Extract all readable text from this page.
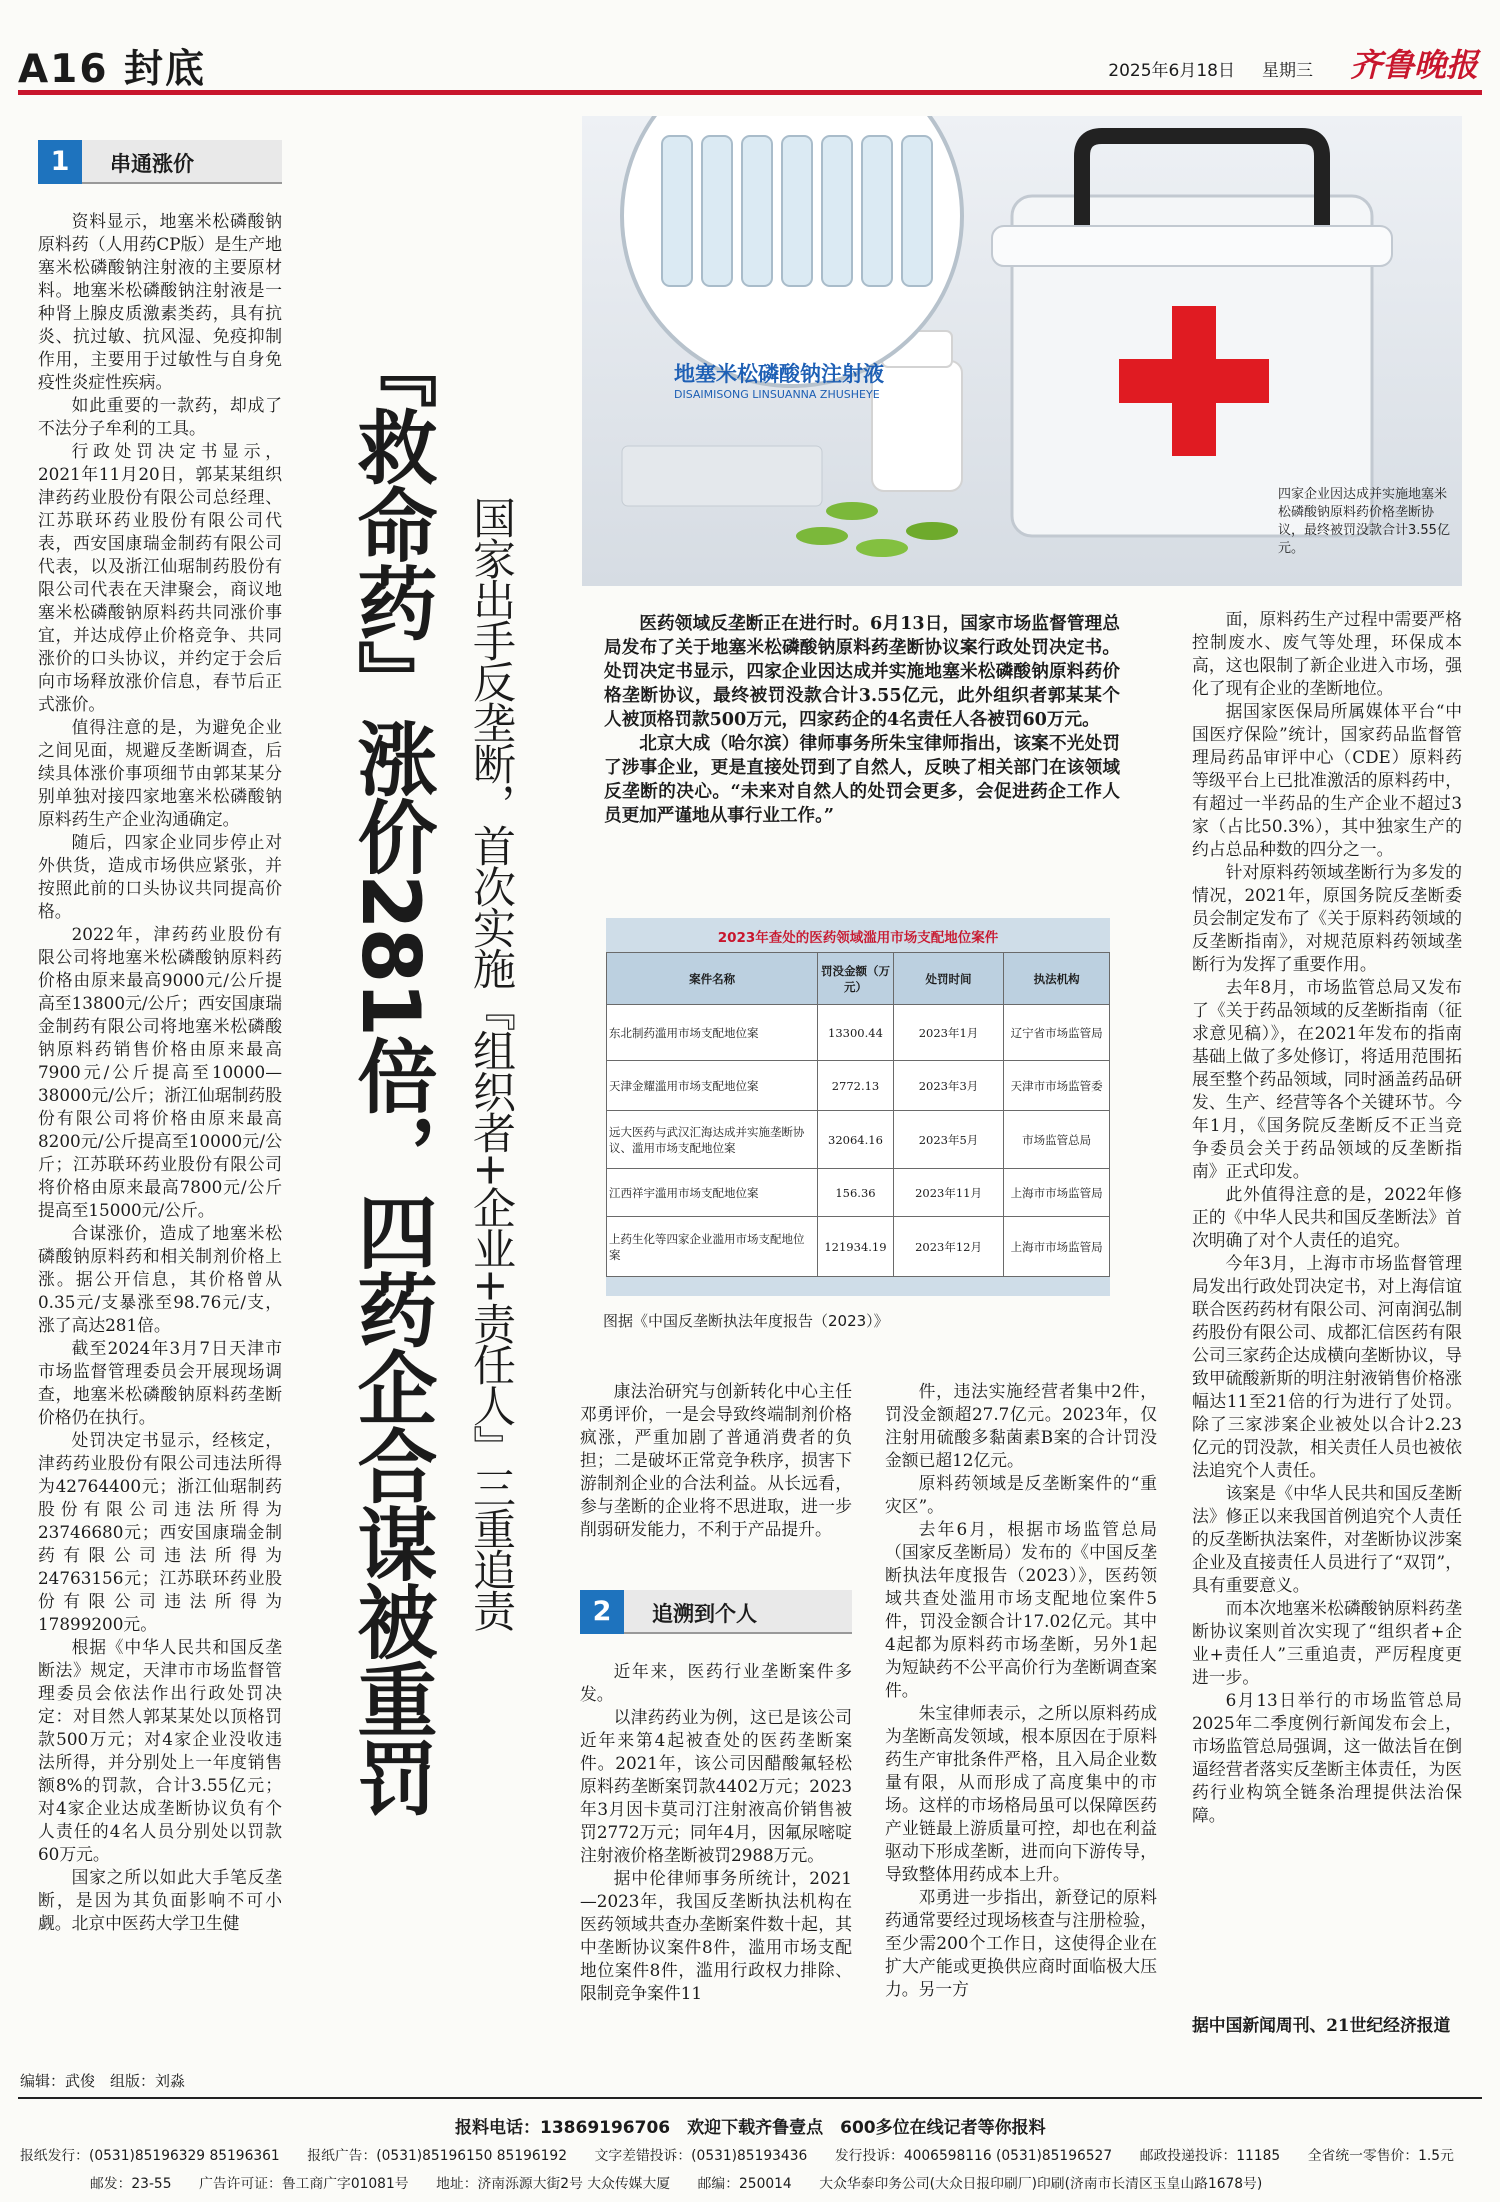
A16 封底	2025年6月18日 星期三 齐鲁晚报
1	串通涨价

资料显示，地塞米松磷酸钠原料药（人用药CP版）是生产地塞米松磷酸钠注射液的主要原材料。地塞米松磷酸钠注射液是一种肾上腺皮质激素类药，具有抗炎、抗过敏、抗风湿、免疫抑制作用，主要用于过敏性与自身免疫性炎症性疾病。

如此重要的一款药，却成了不法分子牟利的工具。

行政处罚决定书显示，2021年11月20日，郭某某组织津药药业股份有限公司总经理、江苏联环药业股份有限公司代表，西安国康瑞金制药有限公司代表，以及浙江仙琚制药股份有限公司代表在天津聚会，商议地塞米松磷酸钠原料药共同涨价事宜，并达成停止价格竞争、共同涨价的口头协议，并约定于会后向市场释放涨价信息，春节后正式涨价。

值得注意的是，为避免企业之间见面，规避反垄断调查，后续具体涨价事项细节由郭某某分别单独对接四家地塞米松磷酸钠原料药生产企业沟通确定。

随后，四家企业同步停止对外供货，造成市场供应紧张，并按照此前的口头协议共同提高价格。

2022年，津药药业股份有限公司将地塞米松磷酸钠原料药价格由原来最高9000元/公斤提高至13800元/公斤；西安国康瑞金制药有限公司将地塞米松磷酸钠原料药销售价格由原来最高7900元/公斤提高至10000—38000元/公斤；浙江仙琚制药股份有限公司将价格由原来最高8200元/公斤提高至10000元/公斤；江苏联环药业股份有限公司将价格由原来最高7800元/公斤提高至15000元/公斤。

合谋涨价，造成了地塞米松磷酸钠原料药和相关制剂价格上涨。据公开信息，其价格曾从0.35元/支暴涨至98.76元/支，涨了高达281倍。

截至2024年3月7日天津市市场监督管理委员会开展现场调查，地塞米松磷酸钠原料药垄断价格仍在执行。

处罚决定书显示，经核定，津药药业股份有限公司违法所得为42764400元；浙江仙琚制药股份有限公司违法所得为23746680元；西安国康瑞金制药有限公司违法所得为24763156元；江苏联环药业股份有限公司违法所得为17899200元。

根据《中华人民共和国反垄断法》规定，天津市市场监督管理委员会依法作出行政处罚决定：对目然人郭某某处以顶格罚款500万元；对4家企业没收违法所得，并分别处上一年度销售额8%的罚款，合计3.55亿元；对4家企业达成垄断协议负有个人责任的4名人员分别处以罚款60万元。

国家之所以如此大手笔反垄断，是因为其负面影响不可小觑。北京中医药大学卫生健

『救命药』涨价281倍，四药企合谋被重罚 国家出手反垄断，首次实施『组织者+企业+责任人』三重追责
地塞米松磷酸钠注射液
DISAIMISONG LINSUANNA ZHUSHEYE
四家企业因达成并实施地塞米松磷酸钠原料药价格垄断协议，最终被罚没款合计3.55亿元。

医药领域反垄断正在进行时。6月13日，国家市场监督管理总局发布了关于地塞米松磷酸钠原料药垄断协议案行政处罚决定书。处罚决定书显示，四家企业因达成并实施地塞米松磷酸钠原料药价格垄断协议，最终被罚没款合计3.55亿元，此外组织者郭某某个人被顶格罚款500万元，四家药企的4名责任人各被罚60万元。

北京大成（哈尔滨）律师事务所朱宝律师指出，该案不光处罚了涉事企业，更是直接处罚到了自然人，反映了相关部门在该领域反垄断的决心。“未来对自然人的处罚会更多，会促进药企工作人员更加严谨地从事行业工作。”

2023年查处的医药领域滥用市场支配地位案件
案件名称	罚没金额（万元）	处罚时间	执法机构
东北制药滥用市场支配地位案	13300.44	2023年1月	辽宁省市场监管局
天津金耀滥用市场支配地位案	2772.13	2023年3月	天津市市场监管委
远大医药与武汉汇海达成并实施垄断协议、滥用市场支配地位案	32064.16	2023年5月	市场监管总局
江西祥宇滥用市场支配地位案	156.36	2023年11月	上海市市场监管局
上药生化等四家企业滥用市场支配地位案	121934.19	2023年12月	上海市市场监管局
图据《中国反垄断执法年度报告（2023）》

康法治研究与创新转化中心主任邓勇评价，一是会导致终端制剂价格疯涨，严重加剧了普通消费者的负担；二是破坏正常竞争秩序，损害下游制剂企业的合法利益。从长远看，参与垄断的企业将不思进取，进一步削弱研发能力，不利于产品提升。

2	追溯到个人

近年来，医药行业垄断案件多发。

以津药药业为例，这已是该公司近年来第4起被查处的医药垄断案件。2021年，该公司因醋酸氟轻松原料药垄断案罚款4402万元；2023年3月因卡莫司汀注射液高价销售被罚2772万元；同年4月，因氟尿嘧啶注射液价格垄断被罚2988万元。

据中伦律师事务所统计，2021—2023年，我国反垄断执法机构在医药领域共查办垄断案件数十起，其中垄断协议案件8件，滥用市场支配地位案件8件，滥用行政权力排除、限制竞争案件11

件，违法实施经营者集中2件，罚没金额超27.7亿元。2023年，仅注射用硫酸多黏菌素B案的合计罚没金额已超12亿元。

原料药领域是反垄断案件的“重灾区”。

去年6月，根据市场监管总局（国家反垄断局）发布的《中国反垄断执法年度报告（2023）》，医药领域共查处滥用市场支配地位案件5件，罚没金额合计17.02亿元。其中4起都为原料药市场垄断，另外1起为短缺药不公平高价行为垄断调查案件。

朱宝律师表示，之所以原料药成为垄断高发领域，根本原因在于原料药生产审批条件严格，且入局企业数量有限，从而形成了高度集中的市场。这样的市场格局虽可以保障医药产业链最上游质量可控，却也在利益驱动下形成垄断，进而向下游传导，导致整体用药成本上升。

邓勇进一步指出，新登记的原料药通常要经过现场核查与注册检验，至少需200个工作日，这使得企业在扩大产能或更换供应商时面临极大压力。另一方

面，原料药生产过程中需要严格控制废水、废气等处理，环保成本高，这也限制了新企业进入市场，强化了现有企业的垄断地位。

据国家医保局所属媒体平台“中国医疗保险”统计，国家药品监督管理局药品审评中心（CDE）原料药等级平台上已批准激活的原料药中，有超过一半药品的生产企业不超过3家（占比50.3%），其中独家生产的约占总品种数的四分之一。

针对原料药领域垄断行为多发的情况，2021年，原国务院反垄断委员会制定发布了《关于原料药领域的反垄断指南》，对规范原料药领域垄断行为发挥了重要作用。

去年8月，市场监管总局又发布了《关于药品领域的反垄断指南（征求意见稿）》，在2021年发布的指南基础上做了多处修订，将适用范围拓展至整个药品领域，同时涵盖药品研发、生产、经营等各个关键环节。今年1月，《国务院反垄断反不正当竞争委员会关于药品领域的反垄断指南》正式印发。

此外值得注意的是，2022年修正的《中华人民共和国反垄断法》首次明确了对个人责任的追究。

今年3月，上海市市场监督管理局发出行政处罚决定书，对上海信谊联合医药药材有限公司、河南润弘制药股份有限公司、成都汇信医药有限公司三家药企达成横向垄断协议，导致甲硫酸新斯的明注射液销售价格涨幅达11至21倍的行为进行了处罚。除了三家涉案企业被处以合计2.23亿元的罚没款，相关责任人员也被依法追究个人责任。

该案是《中华人民共和国反垄断法》修正以来我国首例追究个人责任的反垄断执法案件，对垄断协议涉案企业及直接责任人员进行了“双罚”，具有重要意义。

而本次地塞米松磷酸钠原料药垄断协议案则首次实现了“组织者+企业+责任人”三重追责，严厉程度更进一步。

6月13日举行的市场监管总局2025年二季度例行新闻发布会上，市场监管总局强调，这一做法旨在倒逼经营者落实反垄断主体责任，为医药行业构筑全链条治理提供法治保障。

据中国新闻周刊、21世纪经济报道
编辑：武俊　组版：刘淼
报料电话：13869196706　欢迎下载齐鲁壹点　600多位在线记者等你报料
报纸发行：(0531)85196329 85196361　　报纸广告：(0531)85196150 85196192　　文字差错投诉：(0531)85193436　　发行投诉：4006598116 (0531)85196527　　邮政投递投诉：11185　　全省统一零售价：1.5元
邮发：23-55　　广告许可证：鲁工商广字01081号　　地址：济南泺源大街2号 大众传媒大厦　　邮编：250014　　大众华泰印务公司(大众日报印刷厂)印刷(济南市长清区玉皇山路1678号)
